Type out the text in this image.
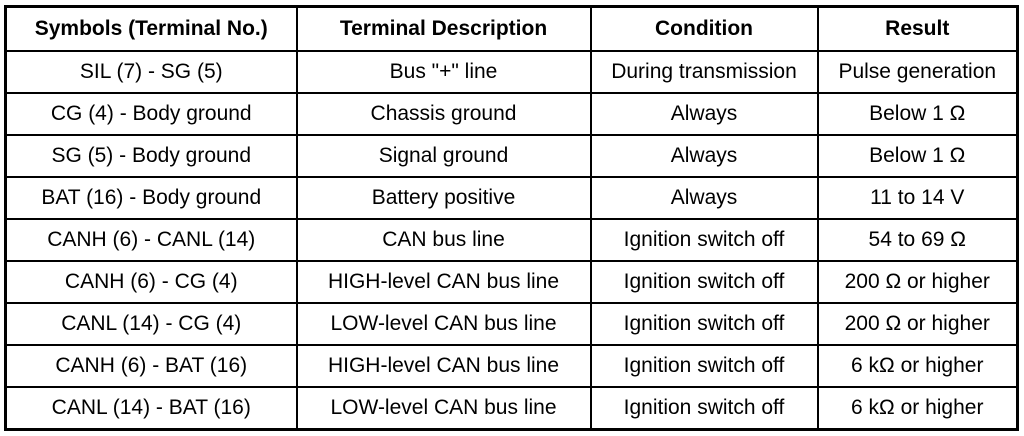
Symbols (Terminal No.)	Terminal Description	Condition	Result
SIL (7) - SG (5)	Bus "+" line	During transmission	Pulse generation
CG (4) - Body ground	Chassis ground	Always	Below 1 Ω
SG (5) - Body ground	Signal ground	Always	Below 1 Ω
BAT (16) - Body ground	Battery positive	Always	11 to 14 V
CANH (6) - CANL (14)	CAN bus line	Ignition switch off	54 to 69 Ω
CANH (6) - CG (4)	HIGH-level CAN bus line	Ignition switch off	200 Ω or higher
CANL (14) - CG (4)	LOW-level CAN bus line	Ignition switch off	200 Ω or higher
CANH (6) - BAT (16)	HIGH-level CAN bus line	Ignition switch off	6 kΩ or higher
CANL (14) - BAT (16)	LOW-level CAN bus line	Ignition switch off	6 kΩ or higher
